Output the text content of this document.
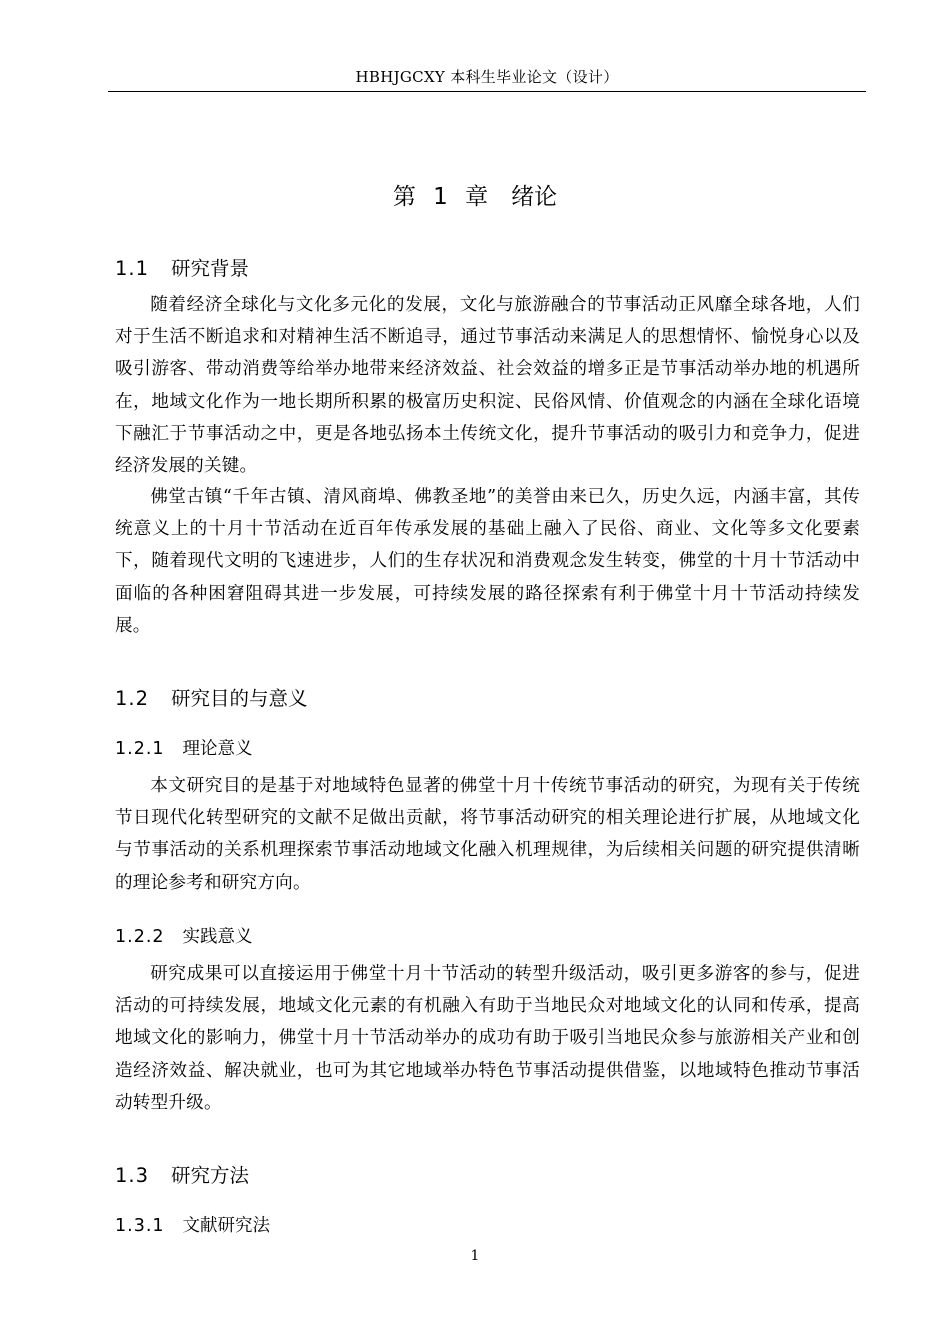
HBHJGCXY 本科生毕业论文（设计）
第 1 章　绪论
1.1 研究背景

随着经济全球化与文化多元化的发展，文化与旅游融合的节事活动正风靡全球各地，人们对于生活不断追求和对精神生活不断追寻，通过节事活动来满足人的思想情怀、愉悦身心以及吸引游客、带动消费等给举办地带来经济效益、社会效益的增多正是节事活动举办地的机遇所在，地域文化作为一地长期所积累的极富历史积淀、民俗风情、价值观念的内涵在全球化语境下融汇于节事活动之中，更是各地弘扬本土传统文化，提升节事活动的吸引力和竞争力，促进经济发展的关键。

佛堂古镇“千年古镇、清风商埠、佛教圣地”的美誉由来已久，历史久远，内涵丰富，其传统意义上的十月十节活动在近百年传承发展的基础上融入了民俗、商业、文化等多文化要素下，随着现代文明的飞速进步，人们的生存状况和消费观念发生转变，佛堂的十月十节活动中面临的各种困窘阻碍其进一步发展，可持续发展的路径探索有利于佛堂十月十节活动持续发展。

1.2 研究目的与意义
1.2.1 理论意义

本文研究目的是基于对地域特色显著的佛堂十月十传统节事活动的研究，为现有关于传统节日现代化转型研究的文献不足做出贡献，将节事活动研究的相关理论进行扩展，从地域文化与节事活动的关系机理探索节事活动地域文化融入机理规律，为后续相关问题的研究提供清晰的理论参考和研究方向。

1.2.2 实践意义

研究成果可以直接运用于佛堂十月十节活动的转型升级活动，吸引更多游客的参与，促进活动的可持续发展，地域文化元素的有机融入有助于当地民众对地域文化的认同和传承，提高地域文化的影响力，佛堂十月十节活动举办的成功有助于吸引当地民众参与旅游相关产业和创造经济效益、解决就业，也可为其它地域举办特色节事活动提供借鉴，以地域特色推动节事活动转型升级。

1.3 研究方法
1.3.1 文献研究法
1
